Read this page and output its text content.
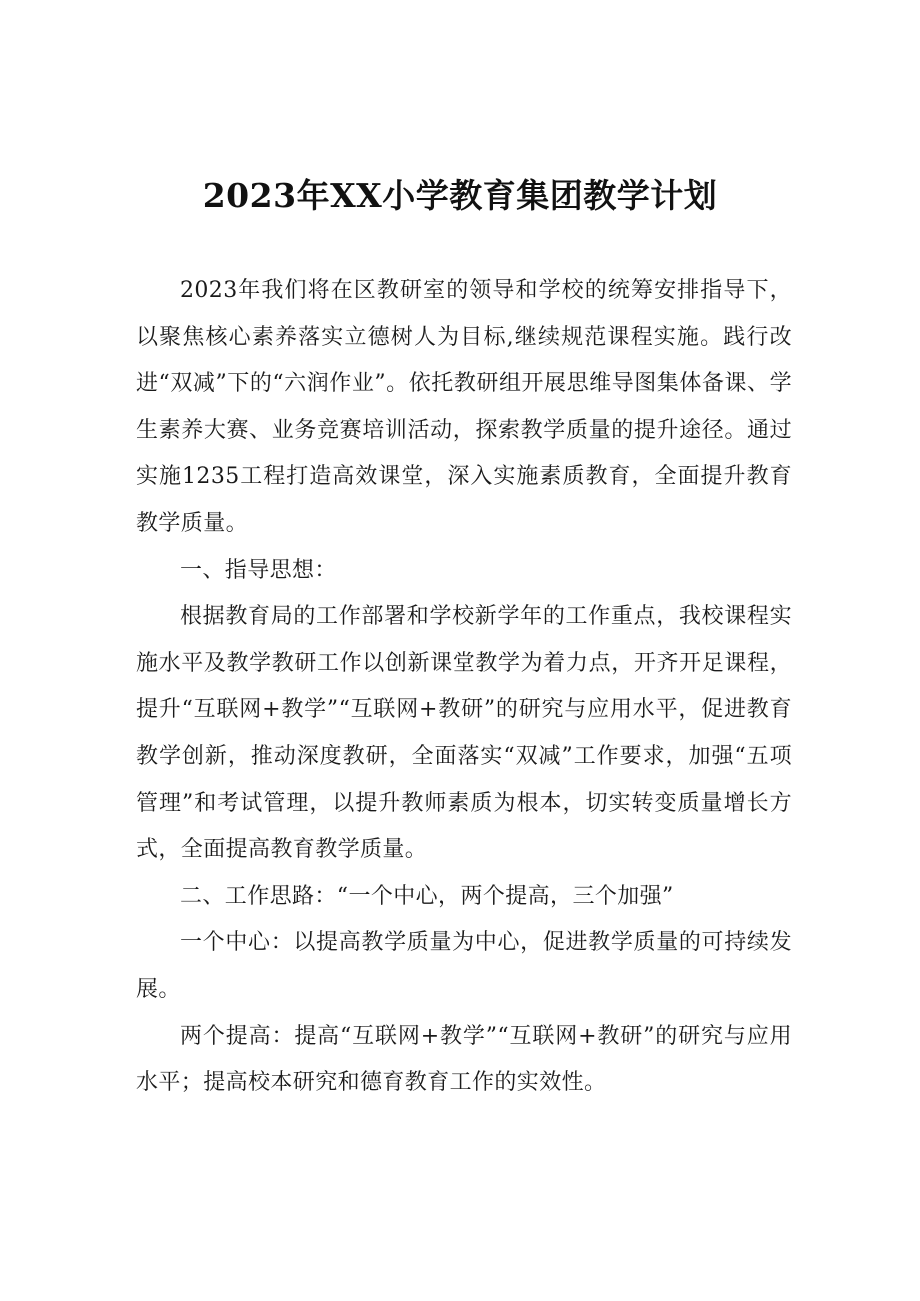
2023年XX小学教育集团教学计划

2023年我们将在区教研室的领导和学校的统筹安排指导下，以聚焦核心素养落实立德树人为目标,继续规范课程实施。践行改进“双减”下的“六润作业”。依托教研组开展思维导图集体备课、学生素养大赛、业务竞赛培训活动，探索教学质量的提升途径。通过实施1235工程打造高效课堂，深入实施素质教育，全面提升教育教学质量。

一、指导思想：

根据教育局的工作部署和学校新学年的工作重点，我校课程实施水平及教学教研工作以创新课堂教学为着力点，开齐开足课程，提升“互联网+教学”“互联网+教研”的研究与应用水平，促进教育教学创新，推动深度教研，全面落实“双减”工作要求，加强“五项管理”和考试管理，以提升教师素质为根本，切实转变质量增长方式，全面提高教育教学质量。

二、工作思路：“一个中心，两个提高，三个加强”

一个中心：以提高教学质量为中心，促进教学质量的可持续发展。

两个提高：提高“互联网+教学”“互联网+教研”的研究与应用水平；提高校本研究和德育教育工作的实效性。
